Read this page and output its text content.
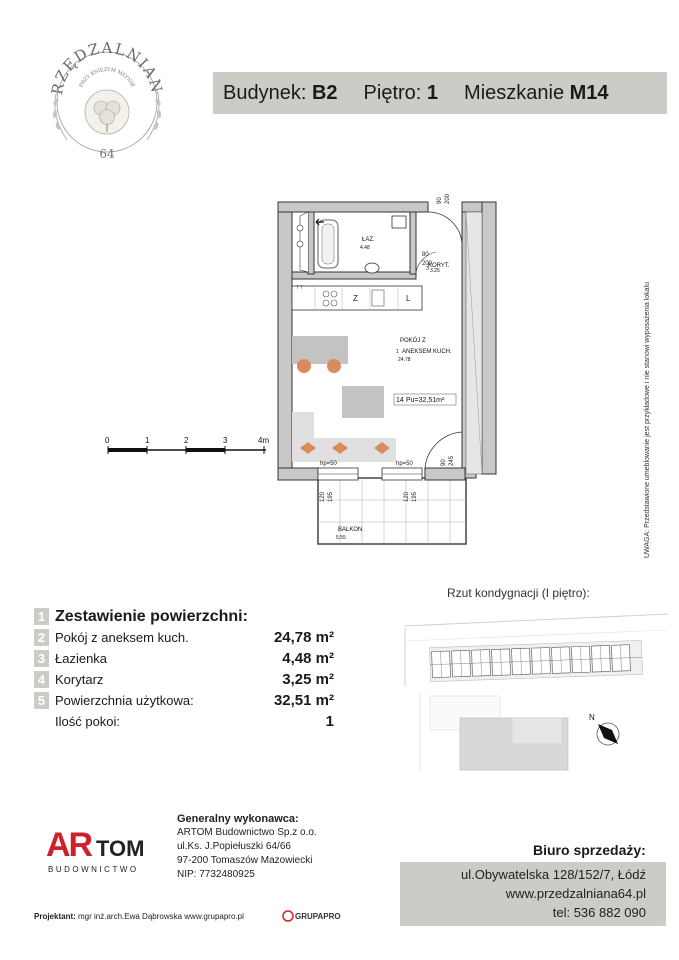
RZĘDZALNIAN
PRZY KSIĘŻYM MŁYNIE
64
Budynek: B2 Piętro: 1 Mieszkanie M14
Z	L
↑↑
ŁAZ.
4.48
KORYT.
3 3.25
POKÓJ Z
ANEKSEM KUCH.
1
24.78
BALKON
5.55
14 Pu=32,51m²
90 200
80
200
90 245
hp=50	hp=50
120 195	120 195
0	1	2	3	4m	UWAGA: Przedstawione umeblowanie jest przykładowe i nie stanowi wyposażenia lokalu
Rzut kondygnacji (I piętro):
N
1 Zestawienie powierzchni:
2 Pokój z aneksem kuch.	24,78 m²
3 Łazienka	4,48 m²
4 Korytarz	3,25 m²
5 Powierzchnia użytkowa:	32,51 m²
Ilość pokoi:	1
AR TOM
BUDOWNICTWO
Generalny wykonawca:
ARTOM Budownictwo Sp.z o.o.
ul.Ks. J.Popiełuszki 64/66
97-200 Tomaszów Mazowiecki
NIP: 7732480925
Projektant: mgr inż.arch.Ewa Dąbrowska www.grupapro.pl	GRUPAPRO
Biuro sprzedaży:
ul.Obywatelska 128/152/7, Łódź
www.przedzalniana64.pl
tel: 536 882 090
